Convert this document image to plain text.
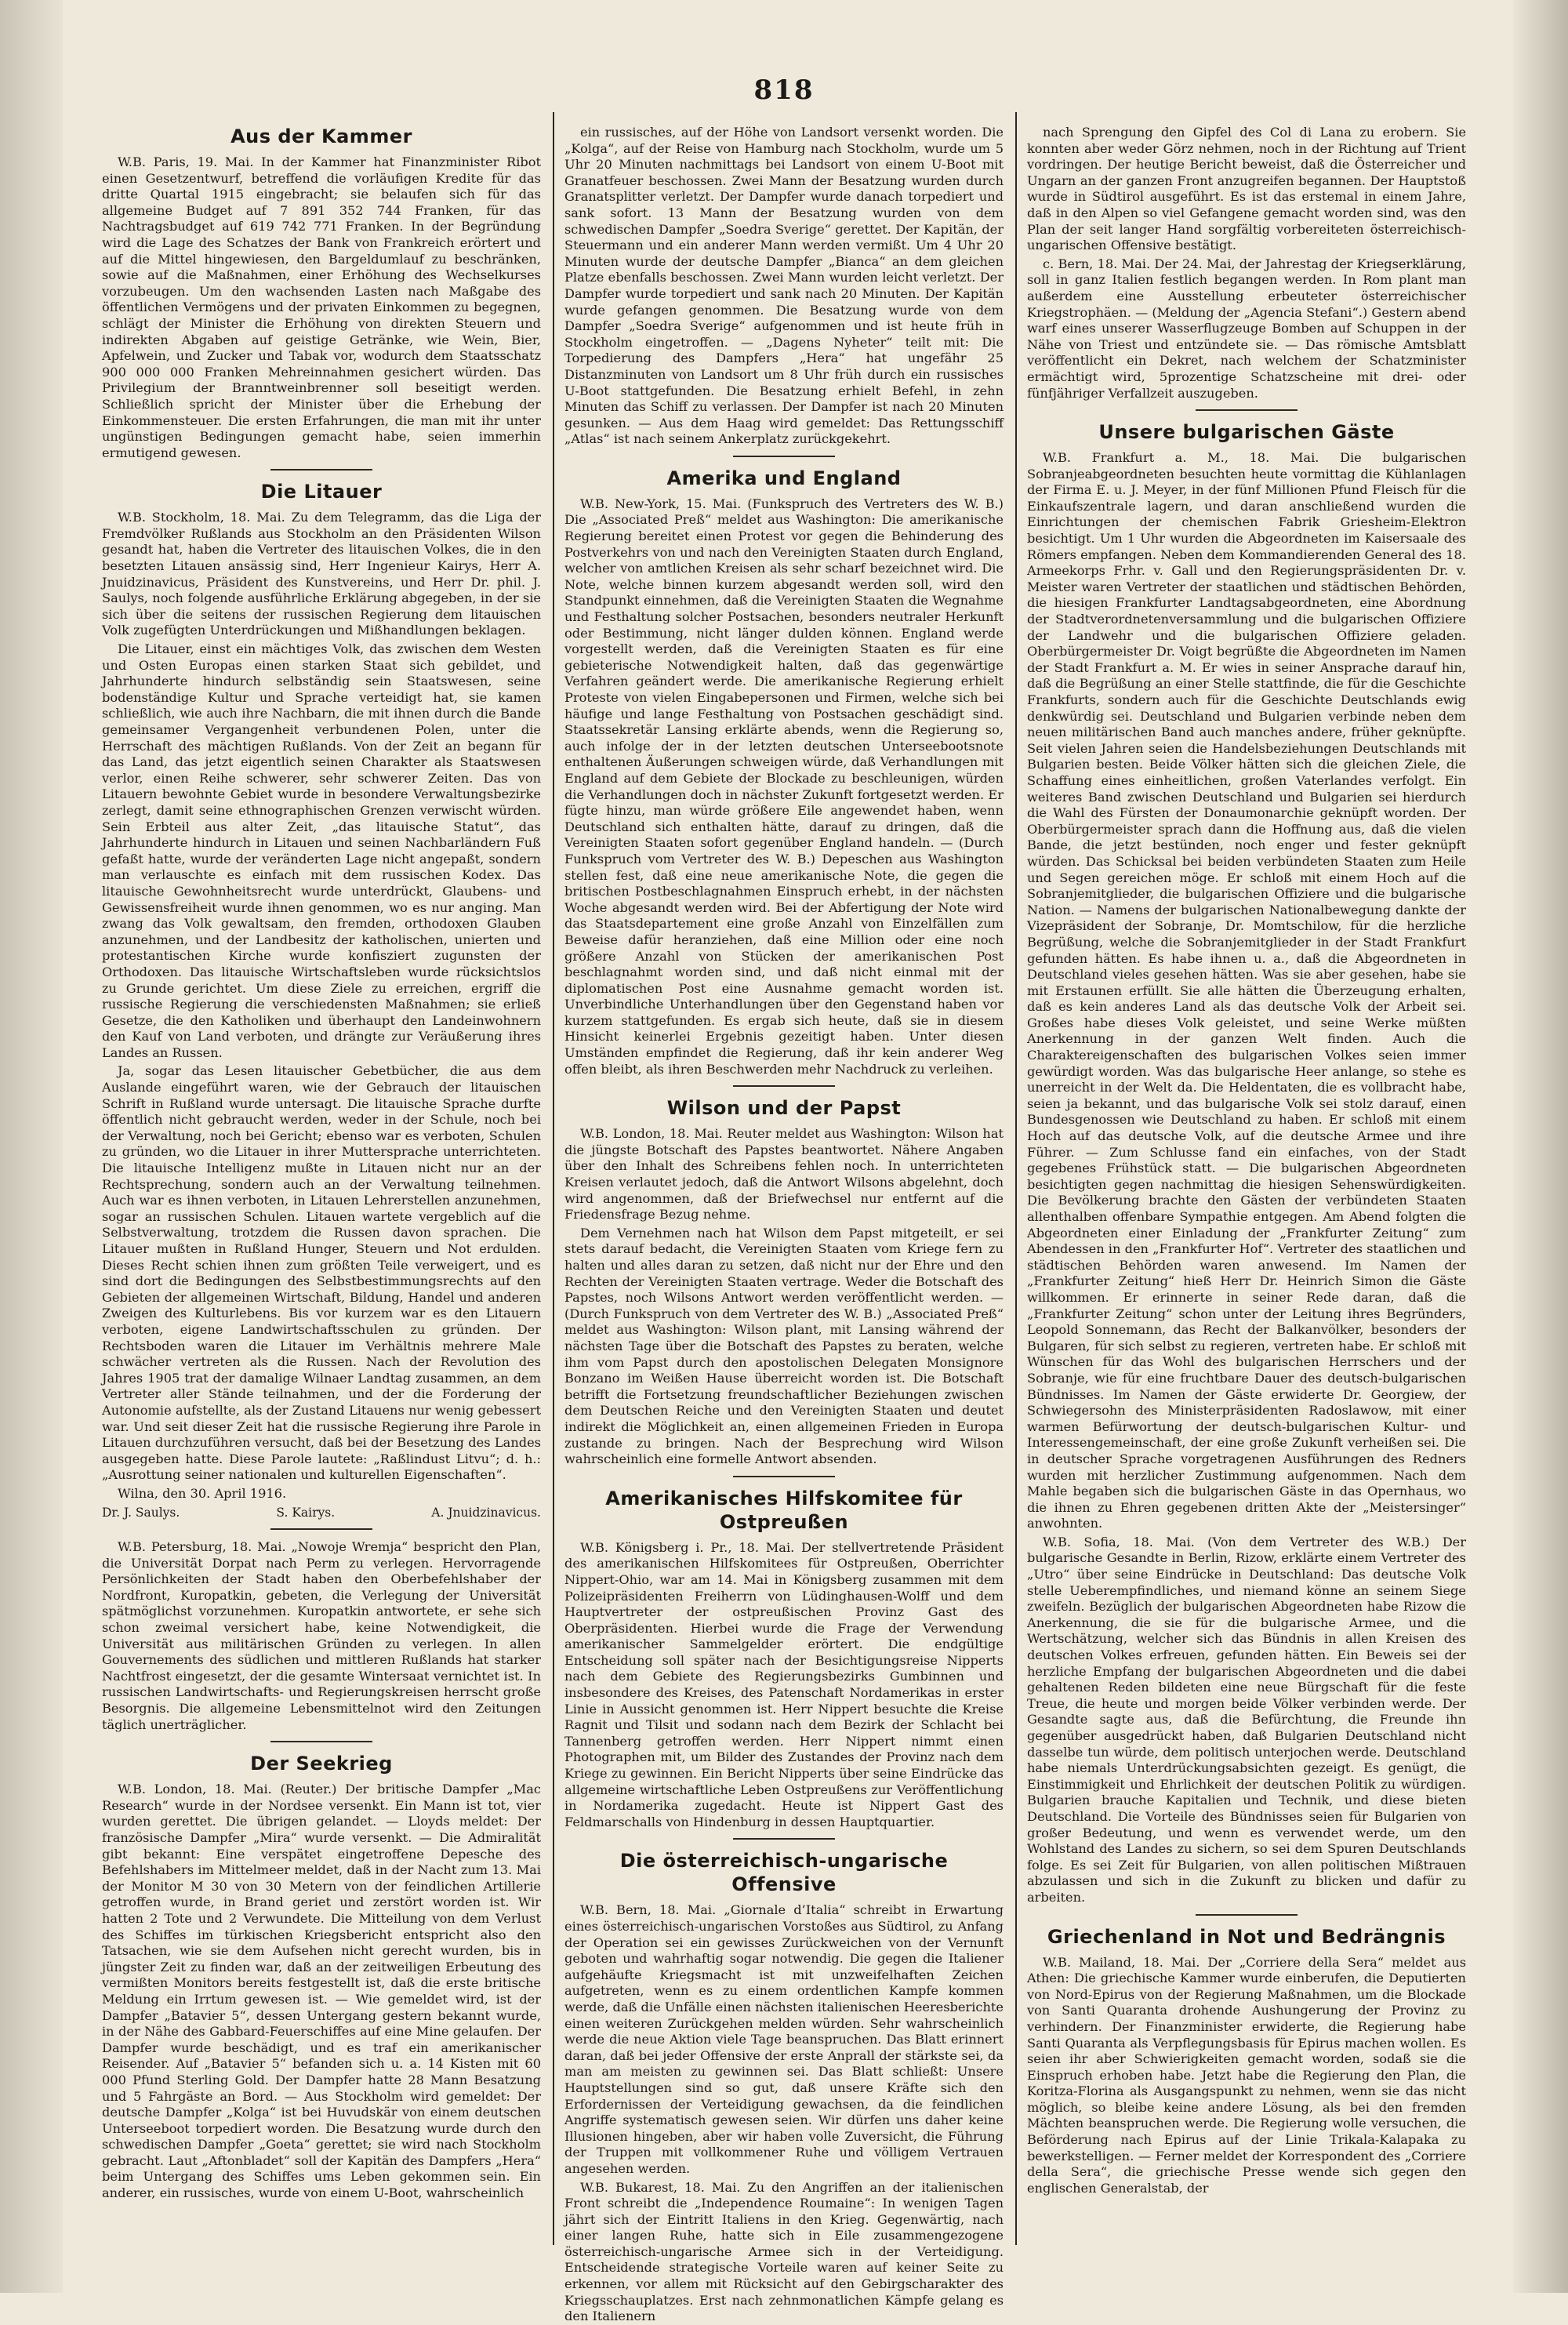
818
Aus der Kammer

W.B. Paris, 19. Mai. In der Kammer hat Finanzminister Ribot einen Gesetzentwurf, betreffend die vorläufigen Kredite für das dritte Quartal 1915 eingebracht; sie belaufen sich für das allgemeine Budget auf 7 891 352 744 Franken, für das Nachtragsbudget auf 619 742 771 Franken. In der Begründung wird die Lage des Schatzes der Bank von Frankreich erörtert und auf die Mittel hingewiesen, den Bargeldumlauf zu beschränken, sowie auf die Maßnahmen, einer Erhöhung des Wechselkurses vorzubeugen. Um den wachsenden Lasten nach Maßgabe des öffentlichen Vermögens und der privaten Einkommen zu begegnen, schlägt der Minister die Erhöhung von direkten Steuern und indirekten Abgaben auf geistige Getränke, wie Wein, Bier, Apfelwein, und Zucker und Tabak vor, wodurch dem Staatsschatz 900 000 000 Franken Mehreinnahmen gesichert würden. Das Privilegium der Branntweinbrenner soll beseitigt werden. Schließlich spricht der Minister über die Erhebung der Einkommensteuer. Die ersten Erfahrungen, die man mit ihr unter ungünstigen Bedingungen gemacht habe, seien immerhin ermutigend gewesen.

Die Litauer

W.B. Stockholm, 18. Mai. Zu dem Telegramm, das die Liga der Fremdvölker Rußlands aus Stockholm an den Präsidenten Wilson gesandt hat, haben die Vertreter des litauischen Volkes, die in den besetzten Litauen ansässig sind, Herr Ingenieur Kairys, Herr A. Jnuidzinavicus, Präsident des Kunstvereins, und Herr Dr. phil. J. Saulys, noch folgende ausführliche Erklärung abgegeben, in der sie sich über die seitens der russischen Regierung dem litauischen Volk zugefügten Unterdrückungen und Mißhandlungen beklagen.

Die Litauer, einst ein mächtiges Volk, das zwischen dem Westen und Osten Europas einen starken Staat sich gebildet, und Jahrhunderte hindurch selbständig sein Staatswesen, seine bodenständige Kultur und Sprache verteidigt hat, sie kamen schließlich, wie auch ihre Nachbarn, die mit ihnen durch die Bande gemeinsamer Vergangenheit verbundenen Polen, unter die Herrschaft des mächtigen Rußlands. Von der Zeit an begann für das Land, das jetzt eigentlich seinen Charakter als Staatswesen verlor, einen Reihe schwerer, sehr schwerer Zeiten. Das von Litauern bewohnte Gebiet wurde in besondere Verwaltungsbezirke zerlegt, damit seine ethnographischen Grenzen verwischt würden. Sein Erbteil aus alter Zeit, „das litauische Statut“, das Jahrhunderte hindurch in Litauen und seinen Nachbarländern Fuß gefaßt hatte, wurde der veränderten Lage nicht angepaßt, sondern man verlauschte es einfach mit dem russischen Kodex. Das litauische Gewohnheitsrecht wurde unterdrückt, Glaubens- und Gewissensfreiheit wurde ihnen genommen, wo es nur anging. Man zwang das Volk gewaltsam, den fremden, orthodoxen Glauben anzunehmen, und der Landbesitz der katholischen, unierten und protestantischen Kirche wurde konfisziert zugunsten der Orthodoxen. Das litauische Wirtschaftsleben wurde rücksichtslos zu Grunde gerichtet. Um diese Ziele zu erreichen, ergriff die russische Regierung die verschiedensten Maßnahmen; sie erließ Gesetze, die den Katholiken und überhaupt den Landeinwohnern den Kauf von Land verboten, und drängte zur Veräußerung ihres Landes an Russen.

Ja, sogar das Lesen litauischer Gebetbücher, die aus dem Auslande eingeführt waren, wie der Gebrauch der litauischen Schrift in Rußland wurde untersagt. Die litauische Sprache durfte öffentlich nicht gebraucht werden, weder in der Schule, noch bei der Verwaltung, noch bei Gericht; ebenso war es verboten, Schulen zu gründen, wo die Litauer in ihrer Muttersprache unterrichteten. Die litauische Intelligenz mußte in Litauen nicht nur an der Rechtsprechung, sondern auch an der Verwaltung teilnehmen. Auch war es ihnen verboten, in Litauen Lehrerstellen anzunehmen, sogar an russischen Schulen. Litauen wartete vergeblich auf die Selbstverwaltung, trotzdem die Russen davon sprachen. Die Litauer mußten in Rußland Hunger, Steuern und Not erdulden. Dieses Recht schien ihnen zum größten Teile verweigert, und es sind dort die Bedingungen des Selbstbestimmungsrechts auf den Gebieten der allgemeinen Wirtschaft, Bildung, Handel und anderen Zweigen des Kulturlebens. Bis vor kurzem war es den Litauern verboten, eigene Landwirtschaftsschulen zu gründen. Der Rechtsboden waren die Litauer im Verhältnis mehrere Male schwächer vertreten als die Russen. Nach der Revolution des Jahres 1905 trat der damalige Wilnaer Landtag zusammen, an dem Vertreter aller Stände teilnahmen, und der die Forderung der Autonomie aufstellte, als der Zustand Litauens nur wenig gebessert war. Und seit dieser Zeit hat die russische Regierung ihre Parole in Litauen durchzuführen versucht, daß bei der Besetzung des Landes ausgegeben hatte. Diese Parole lautete: „Raßlindust Litvu“; d. h.: „Ausrottung seiner nationalen und kulturellen Eigenschaften“.

Wilna, den 30. April 1916.

Dr. J. Saulys.	S. Kairys.	A. Jnuidzinavicus.

W.B. Petersburg, 18. Mai. „Nowoje Wremja“ bespricht den Plan, die Universität Dorpat nach Perm zu verlegen. Hervorragende Persönlichkeiten der Stadt haben den Oberbefehlshaber der Nordfront, Kuropatkin, gebeten, die Verlegung der Universität spätmöglichst vorzunehmen. Kuropatkin antwortete, er sehe sich schon zweimal versichert habe, keine Notwendigkeit, die Universität aus militärischen Gründen zu verlegen. In allen Gouvernements des südlichen und mittleren Rußlands hat starker Nachtfrost eingesetzt, der die gesamte Wintersaat vernichtet ist. In russischen Landwirtschafts- und Regierungskreisen herrscht große Besorgnis. Die allgemeine Lebensmittelnot wird den Zeitungen täglich unerträglicher.

Der Seekrieg

W.B. London, 18. Mai. (Reuter.) Der britische Dampfer „Mac Research“ wurde in der Nordsee versenkt. Ein Mann ist tot, vier wurden gerettet. Die übrigen gelandet. — Lloyds meldet: Der französische Dampfer „Mira“ wurde versenkt. — Die Admiralität gibt bekannt: Eine verspätet eingetroffene Depesche des Befehlshabers im Mittelmeer meldet, daß in der Nacht zum 13. Mai der Monitor M 30 von 30 Metern von der feindlichen Artillerie getroffen wurde, in Brand geriet und zerstört worden ist. Wir hatten 2 Tote und 2 Verwundete. Die Mitteilung von dem Verlust des Schiffes im türkischen Kriegsbericht entspricht also den Tatsachen, wie sie dem Aufsehen nicht gerecht wurden, bis in jüngster Zeit zu finden war, daß an der zeitweiligen Erbeutung des vermißten Monitors bereits festgestellt ist, daß die erste britische Meldung ein Irrtum gewesen ist. — Wie gemeldet wird, ist der Dampfer „Batavier 5“, dessen Untergang gestern bekannt wurde, in der Nähe des Gabbard-Feuerschiffes auf eine Mine gelaufen. Der Dampfer wurde beschädigt, und es traf ein amerikanischer Reisender. Auf „Batavier 5“ befanden sich u. a. 14 Kisten mit 60 000 Pfund Sterling Gold. Der Dampfer hatte 28 Mann Besatzung und 5 Fahrgäste an Bord. — Aus Stockholm wird gemeldet: Der deutsche Dampfer „Kolga“ ist bei Huvudskär von einem deutschen Unterseeboot torpediert worden. Die Besatzung wurde durch den schwedischen Dampfer „Goeta“ gerettet; sie wird nach Stockholm gebracht. Laut „Aftonbladet“ soll der Kapitän des Dampfers „Hera“ beim Untergang des Schiffes ums Leben gekommen sein. Ein anderer, ein russisches, wurde von einem U-Boot, wahrscheinlich

ein russisches, auf der Höhe von Landsort versenkt worden. Die „Kolga“, auf der Reise von Hamburg nach Stockholm, wurde um 5 Uhr 20 Minuten nachmittags bei Landsort von einem U-Boot mit Granatfeuer beschossen. Zwei Mann der Besatzung wurden durch Granatsplitter verletzt. Der Dampfer wurde danach torpediert und sank sofort. 13 Mann der Besatzung wurden von dem schwedischen Dampfer „Soedra Sverige“ gerettet. Der Kapitän, der Steuermann und ein anderer Mann werden vermißt. Um 4 Uhr 20 Minuten wurde der deutsche Dampfer „Bianca“ an dem gleichen Platze ebenfalls beschossen. Zwei Mann wurden leicht verletzt. Der Dampfer wurde torpediert und sank nach 20 Minuten. Der Kapitän wurde gefangen genommen. Die Besatzung wurde von dem Dampfer „Soedra Sverige“ aufgenommen und ist heute früh in Stockholm eingetroffen. — „Dagens Nyheter“ teilt mit: Die Torpedierung des Dampfers „Hera“ hat ungefähr 25 Distanzminuten von Landsort um 8 Uhr früh durch ein russisches U-Boot stattgefunden. Die Besatzung erhielt Befehl, in zehn Minuten das Schiff zu verlassen. Der Dampfer ist nach 20 Minuten gesunken. — Aus dem Haag wird gemeldet: Das Rettungsschiff „Atlas“ ist nach seinem Ankerplatz zurückgekehrt.

Amerika und England

W.B. New-York, 15. Mai. (Funkspruch des Vertreters des W. B.) Die „Associated Preß“ meldet aus Washington: Die amerikanische Regierung bereitet einen Protest vor gegen die Behinderung des Postverkehrs von und nach den Vereinigten Staaten durch England, welcher von amtlichen Kreisen als sehr scharf bezeichnet wird. Die Note, welche binnen kurzem abgesandt werden soll, wird den Standpunkt einnehmen, daß die Vereinigten Staaten die Wegnahme und Festhaltung solcher Postsachen, besonders neutraler Herkunft oder Bestimmung, nicht länger dulden können. England werde vorgestellt werden, daß die Vereinigten Staaten es für eine gebieterische Notwendigkeit halten, daß das gegenwärtige Verfahren geändert werde. Die amerikanische Regierung erhielt Proteste von vielen Eingabepersonen und Firmen, welche sich bei häufige und lange Festhaltung von Postsachen geschädigt sind. Staatssekretär Lansing erklärte abends, wenn die Regierung so, auch infolge der in der letzten deutschen Unterseebootsnote enthaltenen Äußerungen schweigen würde, daß Verhandlungen mit England auf dem Gebiete der Blockade zu beschleunigen, würden die Verhandlungen doch in nächster Zukunft fortgesetzt werden. Er fügte hinzu, man würde größere Eile angewendet haben, wenn Deutschland sich enthalten hätte, darauf zu dringen, daß die Vereinigten Staaten sofort gegenüber England handeln. — (Durch Funkspruch vom Vertreter des W. B.) Depeschen aus Washington stellen fest, daß eine neue amerikanische Note, die gegen die britischen Postbeschlagnahmen Einspruch erhebt, in der nächsten Woche abgesandt werden wird. Bei der Abfertigung der Note wird das Staatsdepartement eine große Anzahl von Einzelfällen zum Beweise dafür heranziehen, daß eine Million oder eine noch größere Anzahl von Stücken der amerikanischen Post beschlagnahmt worden sind, und daß nicht einmal mit der diplomatischen Post eine Ausnahme gemacht worden ist. Unverbindliche Unterhandlungen über den Gegenstand haben vor kurzem stattgefunden. Es ergab sich heute, daß sie in diesem Hinsicht keinerlei Ergebnis gezeitigt haben. Unter diesen Umständen empfindet die Regierung, daß ihr kein anderer Weg offen bleibt, als ihren Beschwerden mehr Nachdruck zu verleihen.

Wilson und der Papst

W.B. London, 18. Mai. Reuter meldet aus Washington: Wilson hat die jüngste Botschaft des Papstes beantwortet. Nähere Angaben über den Inhalt des Schreibens fehlen noch. In unterrichteten Kreisen verlautet jedoch, daß die Antwort Wilsons abgelehnt, doch wird angenommen, daß der Briefwechsel nur entfernt auf die Friedensfrage Bezug nehme.

Dem Vernehmen nach hat Wilson dem Papst mitgeteilt, er sei stets darauf bedacht, die Vereinigten Staaten vom Kriege fern zu halten und alles daran zu setzen, daß nicht nur der Ehre und den Rechten der Vereinigten Staaten vertrage. Weder die Botschaft des Papstes, noch Wilsons Antwort werden veröffentlicht werden. — (Durch Funkspruch von dem Vertreter des W. B.) „Associated Preß“ meldet aus Washington: Wilson plant, mit Lansing während der nächsten Tage über die Botschaft des Papstes zu beraten, welche ihm vom Papst durch den apostolischen Delegaten Monsignore Bonzano im Weißen Hause überreicht worden ist. Die Botschaft betrifft die Fortsetzung freundschaftlicher Beziehungen zwischen dem Deutschen Reiche und den Vereinigten Staaten und deutet indirekt die Möglichkeit an, einen allgemeinen Frieden in Europa zustande zu bringen. Nach der Besprechung wird Wilson wahrscheinlich eine formelle Antwort absenden.

Amerikanisches Hilfskomitee für Ostpreußen

W.B. Königsberg i. Pr., 18. Mai. Der stellvertretende Präsident des amerikanischen Hilfskomitees für Ostpreußen, Oberrichter Nippert-Ohio, war am 14. Mai in Königsberg zusammen mit dem Polizeipräsidenten Freiherrn von Lüdinghausen-Wolff und dem Hauptvertreter der ostpreußischen Provinz Gast des Oberpräsidenten. Hierbei wurde die Frage der Verwendung amerikanischer Sammelgelder erörtert. Die endgültige Entscheidung soll später nach der Besichtigungsreise Nipperts nach dem Gebiete des Regierungsbezirks Gumbinnen und insbesondere des Kreises, des Patenschaft Nordamerikas in erster Linie in Aussicht genommen ist. Herr Nippert besuchte die Kreise Ragnit und Tilsit und sodann nach dem Bezirk der Schlacht bei Tannenberg getroffen werden. Herr Nippert nimmt einen Photographen mit, um Bilder des Zustandes der Provinz nach dem Kriege zu gewinnen. Ein Bericht Nipperts über seine Eindrücke das allgemeine wirtschaftliche Leben Ostpreußens zur Veröffentlichung in Nordamerika zugedacht. Heute ist Nippert Gast des Feldmarschalls von Hindenburg in dessen Hauptquartier.

Die österreichisch-ungarische Offensive

W.B. Bern, 18. Mai. „Giornale d’Italia“ schreibt in Erwartung eines österreichisch-ungarischen Vorstoßes aus Südtirol, zu Anfang der Operation sei ein gewisses Zurückweichen von der Vernunft geboten und wahrhaftig sogar notwendig. Die gegen die Italiener aufgehäufte Kriegsmacht ist mit unzweifelhaften Zeichen aufgetreten, wenn es zu einem ordentlichen Kampfe kommen werde, daß die Unfälle einen nächsten italienischen Heeresberichte einen weiteren Zurückgehen melden würden. Sehr wahrscheinlich werde die neue Aktion viele Tage beanspruchen. Das Blatt erinnert daran, daß bei jeder Offensive der erste Anprall der stärkste sei, da man am meisten zu gewinnen sei. Das Blatt schließt: Unsere Hauptstellungen sind so gut, daß unsere Kräfte sich den Erfordernissen der Verteidigung gewachsen, da die feindlichen Angriffe systematisch gewesen seien. Wir dürfen uns daher keine Illusionen hingeben, aber wir haben volle Zuversicht, die Führung der Truppen mit vollkommener Ruhe und völligem Vertrauen angesehen werden.

W.B. Bukarest, 18. Mai. Zu den Angriffen an der italienischen Front schreibt die „Independence Roumaine“: In wenigen Tagen jährt sich der Eintritt Italiens in den Krieg. Gegenwärtig, nach einer langen Ruhe, hatte sich in Eile zusammengezogene österreichisch-ungarische Armee sich in der Verteidigung. Entscheidende strategische Vorteile waren auf keiner Seite zu erkennen, vor allem mit Rücksicht auf den Gebirgscharakter des Kriegsschauplatzes. Erst nach zehnmonatlichen Kämpfe gelang es den Italienern

nach Sprengung den Gipfel des Col di Lana zu erobern. Sie konnten aber weder Görz nehmen, noch in der Richtung auf Trient vordringen. Der heutige Bericht beweist, daß die Österreicher und Ungarn an der ganzen Front anzugreifen begannen. Der Hauptstoß wurde in Südtirol ausgeführt. Es ist das erstemal in einem Jahre, daß in den Alpen so viel Gefangene gemacht worden sind, was den Plan der seit langer Hand sorgfältig vorbereiteten österreichisch-ungarischen Offensive bestätigt.

c. Bern, 18. Mai. Der 24. Mai, der Jahrestag der Kriegserklärung, soll in ganz Italien festlich begangen werden. In Rom plant man außerdem eine Ausstellung erbeuteter österreichischer Kriegstrophäen. — (Meldung der „Agencia Stefani“.) Gestern abend warf eines unserer Wasserflugzeuge Bomben auf Schuppen in der Nähe von Triest und entzündete sie. — Das römische Amtsblatt veröffentlicht ein Dekret, nach welchem der Schatzminister ermächtigt wird, 5prozentige Schatzscheine mit drei- oder fünfjähriger Verfallzeit auszugeben.

Unsere bulgarischen Gäste

W.B. Frankfurt a. M., 18. Mai. Die bulgarischen Sobranjeabgeordneten besuchten heute vormittag die Kühlanlagen der Firma E. u. J. Meyer, in der fünf Millionen Pfund Fleisch für die Einkaufszentrale lagern, und daran anschließend wurden die Einrichtungen der chemischen Fabrik Griesheim-Elektron besichtigt. Um 1 Uhr wurden die Abgeordneten im Kaisersaale des Römers empfangen. Neben dem Kommandierenden General des 18. Armeekorps Frhr. v. Gall und den Regierungspräsidenten Dr. v. Meister waren Vertreter der staatlichen und städtischen Behörden, die hiesigen Frankfurter Landtagsabgeordneten, eine Abordnung der Stadtverordnetenversammlung und die bulgarischen Offiziere der Landwehr und die bulgarischen Offiziere geladen. Oberbürgermeister Dr. Voigt begrüßte die Abgeordneten im Namen der Stadt Frankfurt a. M. Er wies in seiner Ansprache darauf hin, daß die Begrüßung an einer Stelle stattfinde, die für die Geschichte Frankfurts, sondern auch für die Geschichte Deutschlands ewig denkwürdig sei. Deutschland und Bulgarien verbinde neben dem neuen militärischen Band auch manches andere, früher geknüpfte. Seit vielen Jahren seien die Handelsbeziehungen Deutschlands mit Bulgarien besten. Beide Völker hätten sich die gleichen Ziele, die Schaffung eines einheitlichen, großen Vaterlandes verfolgt. Ein weiteres Band zwischen Deutschland und Bulgarien sei hierdurch die Wahl des Fürsten der Donaumonarchie geknüpft worden. Der Oberbürgermeister sprach dann die Hoffnung aus, daß die vielen Bande, die jetzt bestünden, noch enger und fester geknüpft würden. Das Schicksal bei beiden verbündeten Staaten zum Heile und Segen gereichen möge. Er schloß mit einem Hoch auf die Sobranjemitglieder, die bulgarischen Offiziere und die bulgarische Nation. — Namens der bulgarischen Nationalbewegung dankte der Vizepräsident der Sobranje, Dr. Momtschilow, für die herzliche Begrüßung, welche die Sobranjemitglieder in der Stadt Frankfurt gefunden hätten. Es habe ihnen u. a., daß die Abgeordneten in Deutschland vieles gesehen hätten. Was sie aber gesehen, habe sie mit Erstaunen erfüllt. Sie alle hätten die Überzeugung erhalten, daß es kein anderes Land als das deutsche Volk der Arbeit sei. Großes habe dieses Volk geleistet, und seine Werke müßten Anerkennung in der ganzen Welt finden. Auch die Charaktereigenschaften des bulgarischen Volkes seien immer gewürdigt worden. Was das bulgarische Heer anlange, so stehe es unerreicht in der Welt da. Die Heldentaten, die es vollbracht habe, seien ja bekannt, und das bulgarische Volk sei stolz darauf, einen Bundesgenossen wie Deutschland zu haben. Er schloß mit einem Hoch auf das deutsche Volk, auf die deutsche Armee und ihre Führer. — Zum Schlusse fand ein einfaches, von der Stadt gegebenes Frühstück statt. — Die bulgarischen Abgeordneten besichtigten gegen nachmittag die hiesigen Sehenswürdigkeiten. Die Bevölkerung brachte den Gästen der verbündeten Staaten allenthalben offenbare Sympathie entgegen. Am Abend folgten die Abgeordneten einer Einladung der „Frankfurter Zeitung“ zum Abendessen in den „Frankfurter Hof“. Vertreter des staatlichen und städtischen Behörden waren anwesend. Im Namen der „Frankfurter Zeitung“ hieß Herr Dr. Heinrich Simon die Gäste willkommen. Er erinnerte in seiner Rede daran, daß die „Frankfurter Zeitung“ schon unter der Leitung ihres Begründers, Leopold Sonnemann, das Recht der Balkanvölker, besonders der Bulgaren, für sich selbst zu regieren, vertreten habe. Er schloß mit Wünschen für das Wohl des bulgarischen Herrschers und der Sobranje, wie für eine fruchtbare Dauer des deutsch-bulgarischen Bündnisses. Im Namen der Gäste erwiderte Dr. Georgiew, der Schwiegersohn des Ministerpräsidenten Radoslawow, mit einer warmen Befürwortung der deutsch-bulgarischen Kultur- und Interessengemeinschaft, der eine große Zukunft verheißen sei. Die in deutscher Sprache vorgetragenen Ausführungen des Redners wurden mit herzlicher Zustimmung aufgenommen. Nach dem Mahle begaben sich die bulgarischen Gäste in das Opernhaus, wo die ihnen zu Ehren gegebenen dritten Akte der „Meistersinger“ anwohnten.

W.B. Sofia, 18. Mai. (Von dem Vertreter des W.B.) Der bulgarische Gesandte in Berlin, Rizow, erklärte einem Vertreter des „Utro“ über seine Eindrücke in Deutschland: Das deutsche Volk stelle Ueberempfindliches, und niemand könne an seinem Siege zweifeln. Bezüglich der bulgarischen Abgeordneten habe Rizow die Anerkennung, die sie für die bulgarische Armee, und die Wertschätzung, welcher sich das Bündnis in allen Kreisen des deutschen Volkes erfreuen, gefunden hätten. Ein Beweis sei der herzliche Empfang der bulgarischen Abgeordneten und die dabei gehaltenen Reden bildeten eine neue Bürgschaft für die feste Treue, die heute und morgen beide Völker verbinden werde. Der Gesandte sagte aus, daß die Befürchtung, die Freunde ihn gegenüber ausgedrückt haben, daß Bulgarien Deutschland nicht dasselbe tun würde, dem politisch unterjochen werde. Deutschland habe niemals Unterdrückungsabsichten gezeigt. Es genügt, die Einstimmigkeit und Ehrlichkeit der deutschen Politik zu würdigen. Bulgarien brauche Kapitalien und Technik, und diese bieten Deutschland. Die Vorteile des Bündnisses seien für Bulgarien von großer Bedeutung, und wenn es verwendet werde, um den Wohlstand des Landes zu sichern, so sei dem Spuren Deutschlands folge. Es sei Zeit für Bulgarien, von allen politischen Mißtrauen abzulassen und sich in die Zukunft zu blicken und dafür zu arbeiten.

Griechenland in Not und Bedrängnis

W.B. Mailand, 18. Mai. Der „Corriere della Sera“ meldet aus Athen: Die griechische Kammer wurde einberufen, die Deputierten von Nord-Epirus von der Regierung Maßnahmen, um die Blockade von Santi Quaranta drohende Aushungerung der Provinz zu verhindern. Der Finanzminister erwiderte, die Regierung habe Santi Quaranta als Verpflegungsbasis für Epirus machen wollen. Es seien ihr aber Schwierigkeiten gemacht worden, sodaß sie die Einspruch erhoben habe. Jetzt habe die Regierung den Plan, die Koritza-Florina als Ausgangspunkt zu nehmen, wenn sie das nicht möglich, so bleibe keine andere Lösung, als bei den fremden Mächten beanspruchen werde. Die Regierung wolle versuchen, die Beförderung nach Epirus auf der Linie Trikala-Kalapaka zu bewerkstelligen. — Ferner meldet der Korrespondent des „Corriere della Sera“, die griechische Presse wende sich gegen den englischen Generalstab, der
